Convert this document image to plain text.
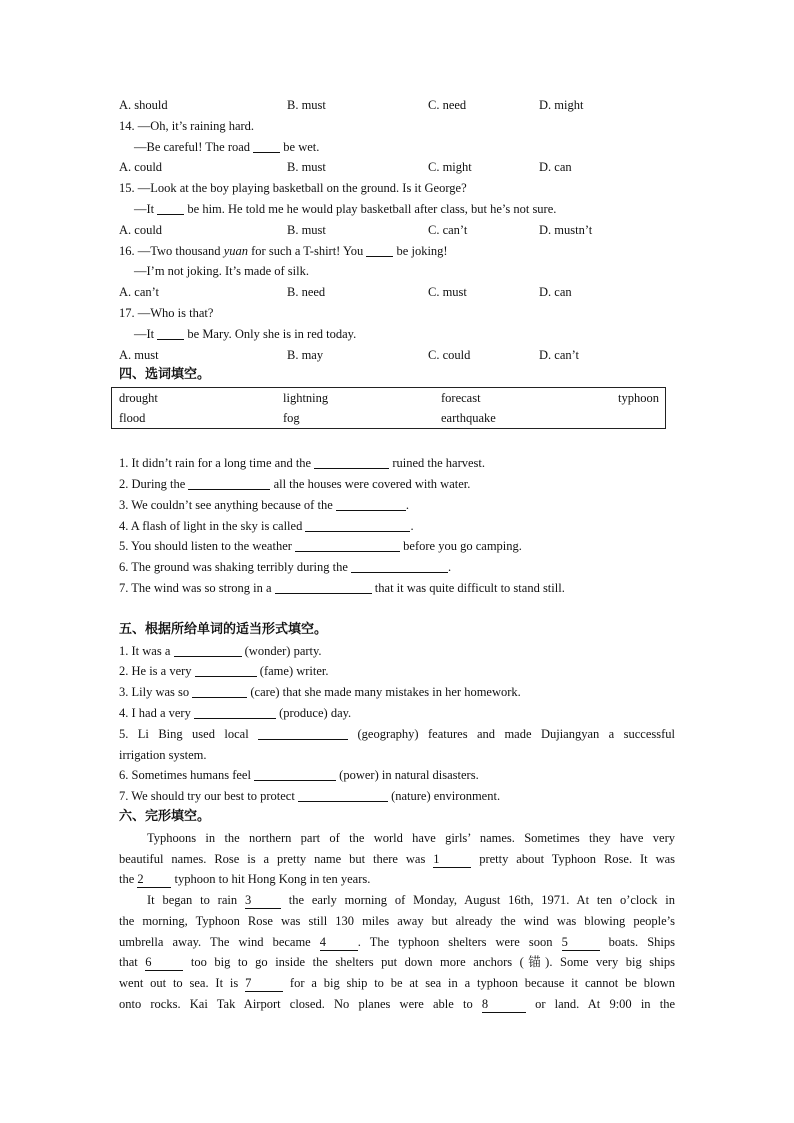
A. should	B. must	C. need	D. might
14. —Oh, it’s raining hard.
—Be careful! The road	be wet.
A. could	B. must	C. might	D. can
15. —Look at the boy playing basketball on the ground. Is it George?
—It	be him. He told me he would play basketball after class, but he’s not sure.
A. could	B. must	C. can’t	D. mustn’t
16. —Two thousand yuan for such a T-shirt! You	be joking!
—I’m not joking. It’s made of silk.
A. can’t	B. need	C. must	D. can
17. —Who is that?
—It	be Mary. Only she is in red today.
A. must	B. may	C. could	D. can’t
四、选词填空。
drought	lightning	forecast	typhoon
flood	fog	earthquake
1. It didn’t rain for a long time and the	ruined the harvest.
2. During the	all the houses were covered with water.
3. We couldn’t see anything because of the	.
4. A flash of light in the sky is called	.
5. You should listen to the weather	before you go camping.
6. The ground was shaking terribly during the	.
7. The wind was so strong in a	that it was quite difficult to stand still.
五、根据所给单词的适当形式填空。
1. It was a	(wonder) party.
2. He is a very	(fame) writer.
3. Lily was so	(care) that she made many mistakes in her homework.
4. I had a very	(produce) day.
5. Li Bing used local	(geography) features and made Dujiangyan a successful
irrigation system.
6. Sometimes humans feel	(power) in natural disasters.
7. We should try our best to protect	(nature) environment.
六、完形填空。
Typhoons in the northern part of the world have girls’ names. Sometimes they have very
beautiful names. Rose is a pretty name but there was 1	pretty about Typhoon Rose. It was
the 2 typhoon to hit Hong Kong in ten years.
It began to rain 3	the early morning of Monday, August 16th, 1971. At ten o’clock in
the morning, Typhoon Rose was still 130 miles away but already the wind was blowing people’s
umbrella away. The wind became 4	. The typhoon shelters were soon 5	boats. Ships
that 6	too big to go inside the shelters put down more anchors (锚). Some very big ships
went out to sea. It is 7	for a big ship to be at sea in a typhoon because it cannot be blown
onto rocks. Kai Tak Airport closed. No planes were able to 8	or land. At 9:00 in the
